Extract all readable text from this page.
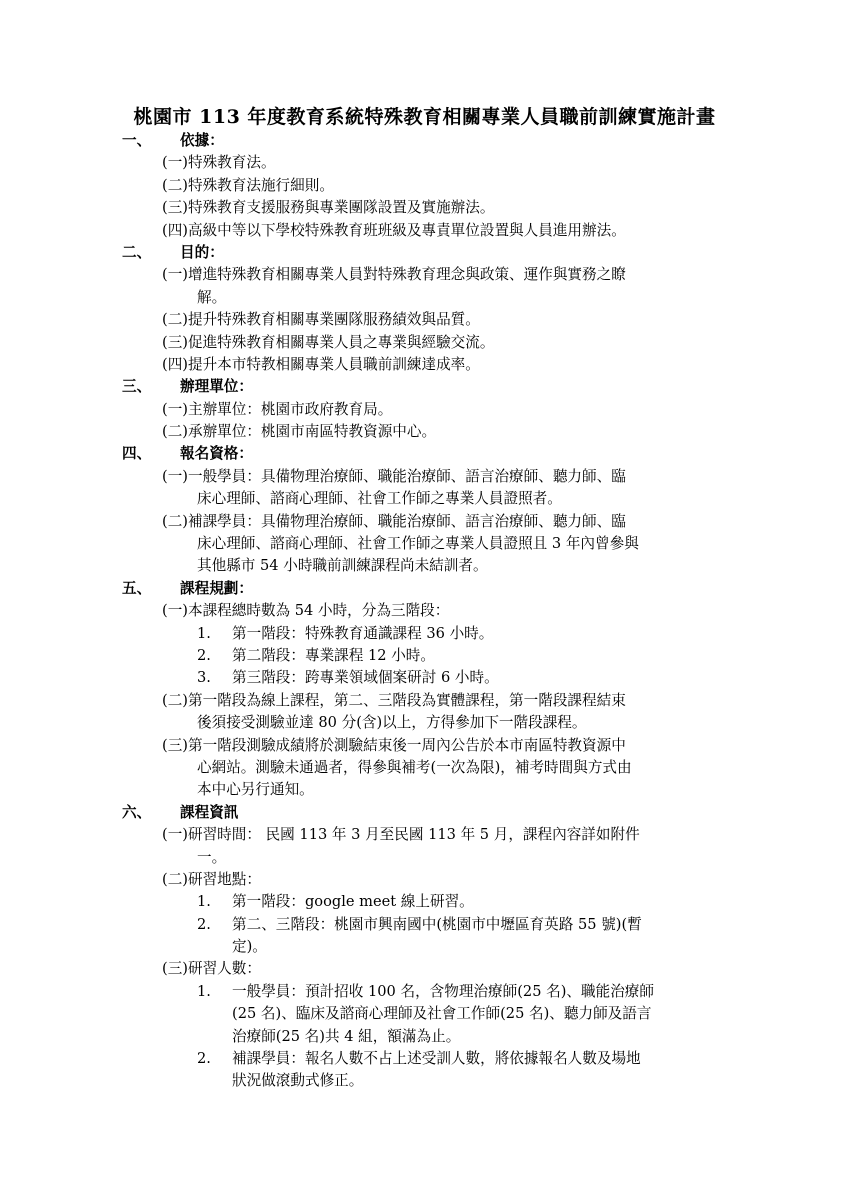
桃園市 113 年度教育系統特殊教育相關專業人員職前訓練實施計畫
一、 依據：
(一)特殊教育法。
(二)特殊教育法施行細則。
(三)特殊教育支援服務與專業團隊設置及實施辦法。
(四)高級中等以下學校特殊教育班班級及專責單位設置與人員進用辦法。
二、 目的：
(一)增進特殊教育相關專業人員對特殊教育理念與政策、運作與實務之瞭
解。
(二)提升特殊教育相關專業團隊服務績效與品質。
(三)促進特殊教育相關專業人員之專業與經驗交流。
(四)提升本市特教相關專業人員職前訓練達成率。
三、 辦理單位：
(一)主辦單位：桃園市政府教育局。
(二)承辦單位：桃園市南區特教資源中心。
四、 報名資格：
(一)一般學員：具備物理治療師、職能治療師、語言治療師、聽力師、臨
床心理師、諮商心理師、社會工作師之專業人員證照者。
(二)補課學員：具備物理治療師、職能治療師、語言治療師、聽力師、臨
床心理師、諮商心理師、社會工作師之專業人員證照且 3 年內曾參與
其他縣市 54 小時職前訓練課程尚未結訓者。
五、 課程規劃：
(一)本課程總時數為 54 小時，分為三階段：
1. 第一階段：特殊教育通識課程 36 小時。
2. 第二階段：專業課程 12 小時。
3. 第三階段：跨專業領域個案研討 6 小時。
(二)第一階段為線上課程，第二、三階段為實體課程，第一階段課程結束
後須接受測驗並達 80 分(含)以上，方得參加下一階段課程。
(三)第一階段測驗成績將於測驗結束後一周內公告於本市南區特教資源中
心網站。測驗未通過者，得參與補考(一次為限)，補考時間與方式由
本中心另行通知。
六、 課程資訊
(一)研習時間： 民國 113 年 3 月至民國 113 年 5 月，課程內容詳如附件
一。
(二)研習地點：
1. 第一階段：google meet 線上研習。
2. 第二、三階段：桃園市興南國中(桃園市中壢區育英路 55 號)(暫
定)。
(三)研習人數：
1. 一般學員：預計招收 100 名，含物理治療師(25 名)、職能治療師
(25 名)、臨床及諮商心理師及社會工作師(25 名)、聽力師及語言
治療師(25 名)共 4 組，額滿為止。
2. 補課學員：報名人數不占上述受訓人數，將依據報名人數及場地
狀況做滾動式修正。
